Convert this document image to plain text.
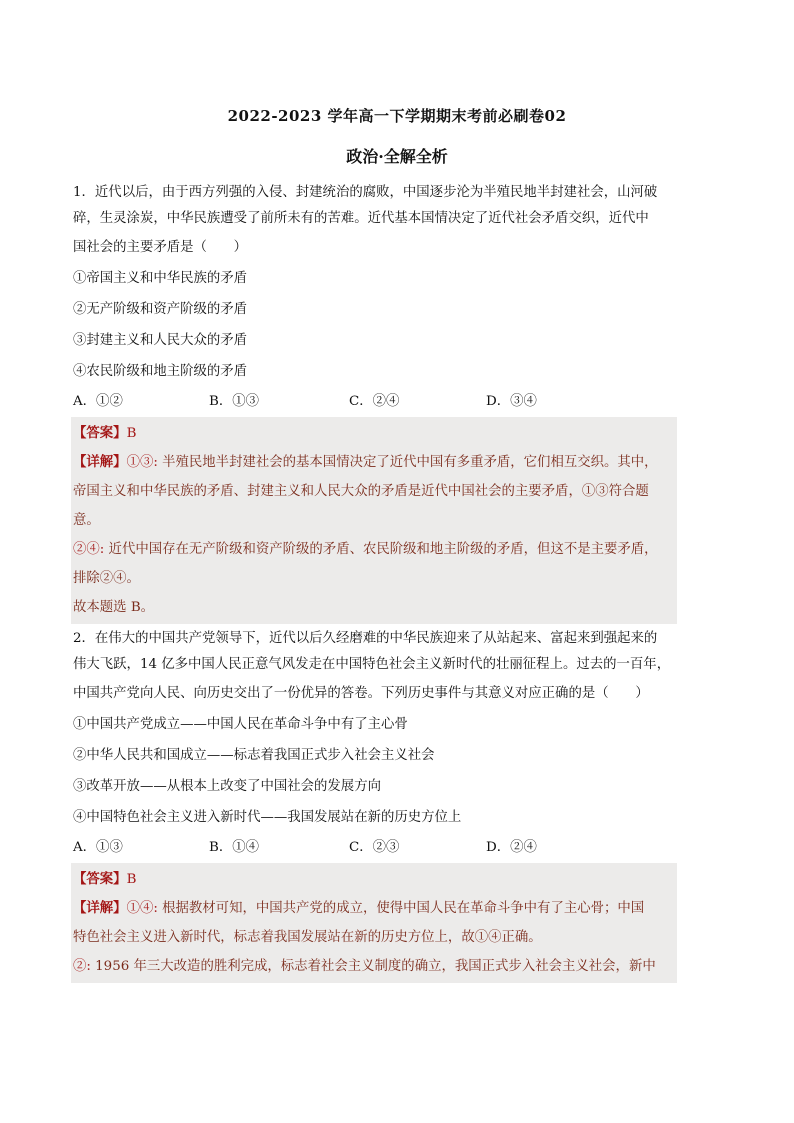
2022-2023 学年高一下学期期末考前必刷卷02
政治·全解全析
1．近代以后，由于西方列强的入侵、封建统治的腐败，中国逐步沦为半殖民地半封建社会，山河破
碎，生灵涂炭，中华民族遭受了前所未有的苦难。近代基本国情决定了近代社会矛盾交织，近代中
国社会的主要矛盾是（　　）
①帝国主义和中华民族的矛盾
②无产阶级和资产阶级的矛盾
③封建主义和人民大众的矛盾
④农民阶级和地主阶级的矛盾
A．①②	B．①③	C．②④	D．③④
【答案】B
【详解】①③: 半殖民地半封建社会的基本国情决定了近代中国有多重矛盾，它们相互交织。其中，
帝国主义和中华民族的矛盾、封建主义和人民大众的矛盾是近代中国社会的主要矛盾，①③符合题
意。
②④: 近代中国存在无产阶级和资产阶级的矛盾、农民阶级和地主阶级的矛盾，但这不是主要矛盾，
排除②④。
故本题选 B。
2．在伟大的中国共产党领导下，近代以后久经磨难的中华民族迎来了从站起来、富起来到强起来的
伟大飞跃，14 亿多中国人民正意气风发走在中国特色社会主义新时代的壮丽征程上。过去的一百年，
中国共产党向人民、向历史交出了一份优异的答卷。下列历史事件与其意义对应正确的是（　　）
①中国共产党成立——中国人民在革命斗争中有了主心骨
②中华人民共和国成立——标志着我国正式步入社会主义社会
③改革开放——从根本上改变了中国社会的发展方向
④中国特色社会主义进入新时代——我国发展站在新的历史方位上
A．①③	B．①④	C．②③	D．②④
【答案】B
【详解】①④: 根据教材可知，中国共产党的成立，使得中国人民在革命斗争中有了主心骨；中国
特色社会主义进入新时代，标志着我国发展站在新的历史方位上，故①④正确。
②: 1956 年三大改造的胜利完成，标志着社会主义制度的确立，我国正式步入社会主义社会，新中
